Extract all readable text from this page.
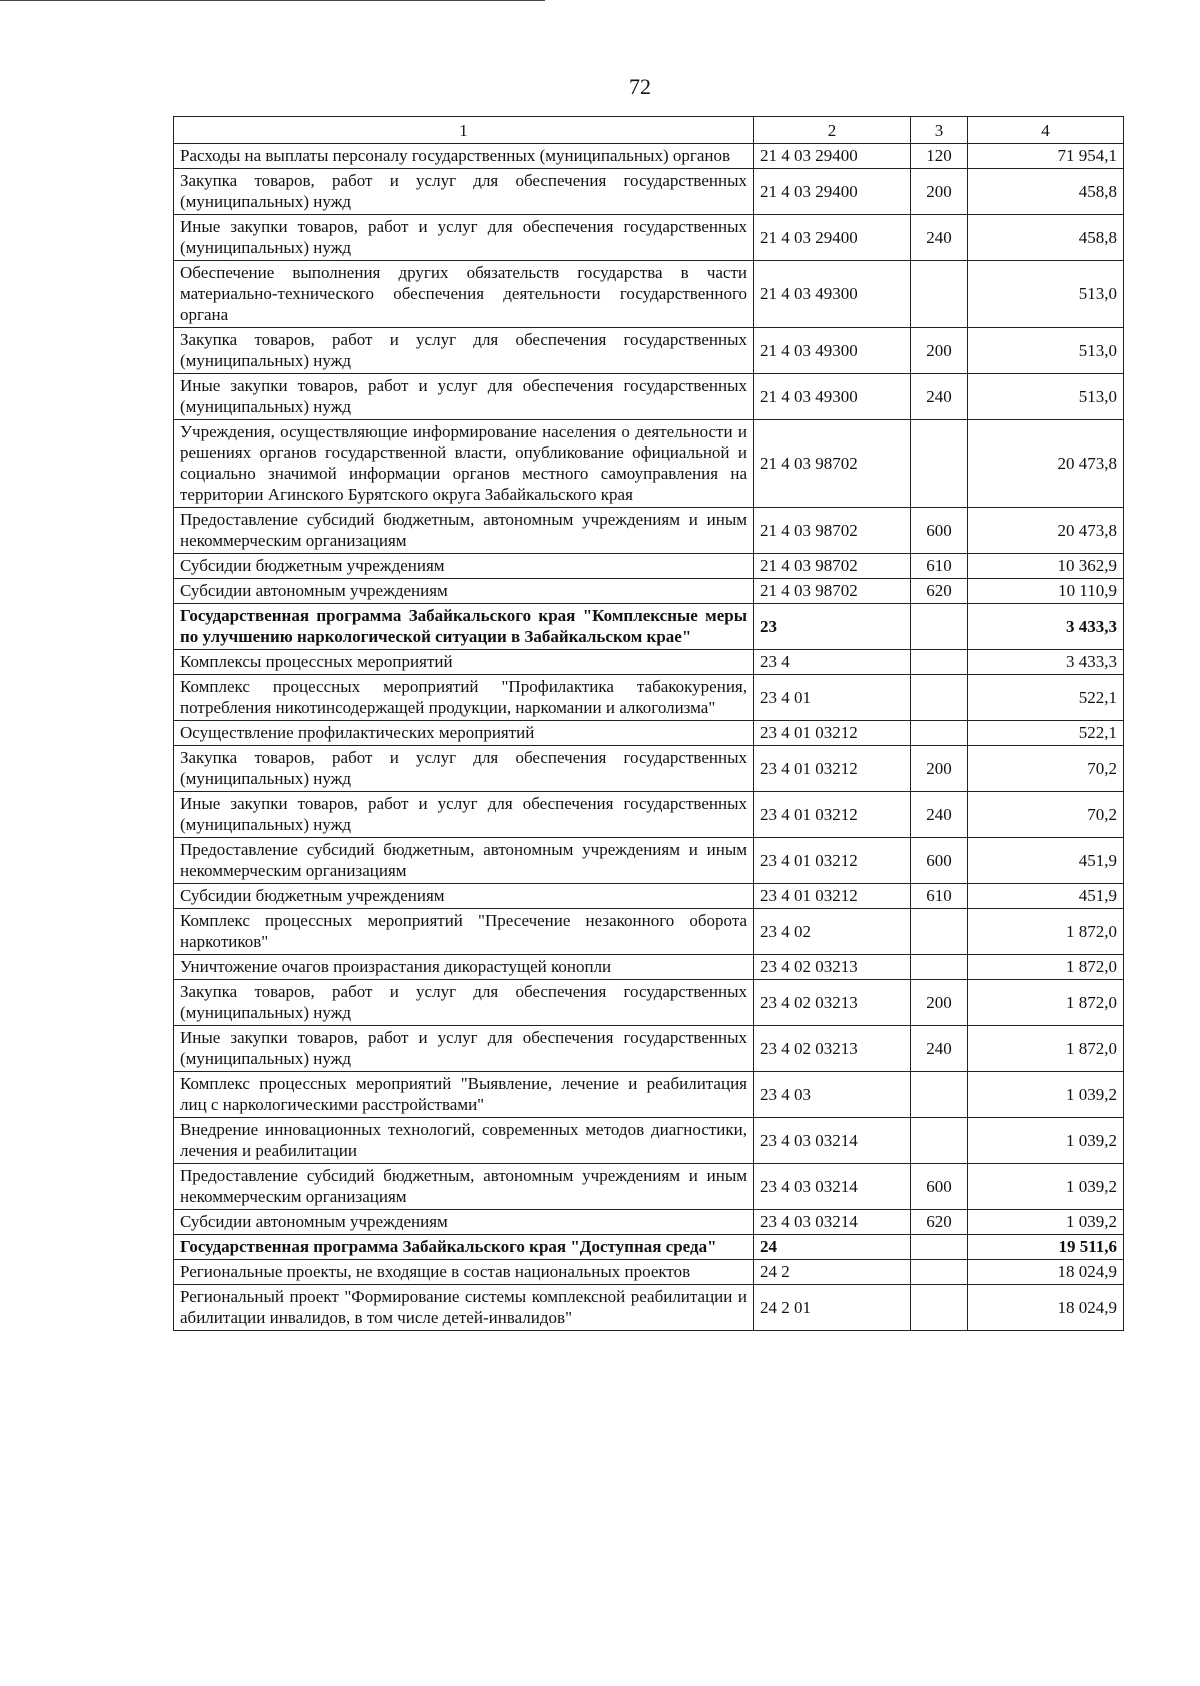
72
1	2	3	4
Расходы на выплаты персоналу государственных (муниципальных) органов	21 4 03 29400	120	71 954,1
Закупка товаров, работ и услуг для обеспечения государственных (муниципальных) нужд	21 4 03 29400	200	458,8
Иные закупки товаров, работ и услуг для обеспечения государственных (муниципальных) нужд	21 4 03 29400	240	458,8
Обеспечение выполнения других обязательств государства в части материально-технического обеспечения деятельности государственного органа	21 4 03 49300		513,0
Закупка товаров, работ и услуг для обеспечения государственных (муниципальных) нужд	21 4 03 49300	200	513,0
Иные закупки товаров, работ и услуг для обеспечения государственных (муниципальных) нужд	21 4 03 49300	240	513,0
Учреждения, осуществляющие информирование населения о деятельности и решениях органов государственной власти, опубликование официальной и социально значимой информации органов местного самоуправления на территории Агинского Бурятского округа Забайкальского края	21 4 03 98702		20 473,8
Предоставление субсидий бюджетным, автономным учреждениям и иным некоммерческим организациям	21 4 03 98702	600	20 473,8
Субсидии бюджетным учреждениям	21 4 03 98702	610	10 362,9
Субсидии автономным учреждениям	21 4 03 98702	620	10 110,9
Государственная программа Забайкальского края "Комплексные меры по улучшению наркологической ситуации в Забайкальском крае"	23		3 433,3
Комплексы процессных мероприятий	23 4		3 433,3
Комплекс процессных мероприятий "Профилактика табакокурения, потребления никотинсодержащей продукции, наркомании и алкоголизма"	23 4 01		522,1
Осуществление профилактических мероприятий	23 4 01 03212		522,1
Закупка товаров, работ и услуг для обеспечения государственных (муниципальных) нужд	23 4 01 03212	200	70,2
Иные закупки товаров, работ и услуг для обеспечения государственных (муниципальных) нужд	23 4 01 03212	240	70,2
Предоставление субсидий бюджетным, автономным учреждениям и иным некоммерческим организациям	23 4 01 03212	600	451,9
Субсидии бюджетным учреждениям	23 4 01 03212	610	451,9
Комплекс процессных мероприятий "Пресечение незаконного оборота наркотиков"	23 4 02		1 872,0
Уничтожение очагов произрастания дикорастущей конопли	23 4 02 03213		1 872,0
Закупка товаров, работ и услуг для обеспечения государственных (муниципальных) нужд	23 4 02 03213	200	1 872,0
Иные закупки товаров, работ и услуг для обеспечения государственных (муниципальных) нужд	23 4 02 03213	240	1 872,0
Комплекс процессных мероприятий "Выявление, лечение и реабилитация лиц с наркологическими расстройствами"	23 4 03		1 039,2
Внедрение инновационных технологий, современных методов диагностики, лечения и реабилитации	23 4 03 03214		1 039,2
Предоставление субсидий бюджетным, автономным учреждениям и иным некоммерческим организациям	23 4 03 03214	600	1 039,2
Субсидии автономным учреждениям	23 4 03 03214	620	1 039,2
Государственная программа Забайкальского края "Доступная среда"	24		19 511,6
Региональные проекты, не входящие в состав национальных проектов	24 2		18 024,9
Региональный проект "Формирование системы комплексной реабилитации и абилитации инвалидов, в том числе детей-инвалидов"	24 2 01		18 024,9
